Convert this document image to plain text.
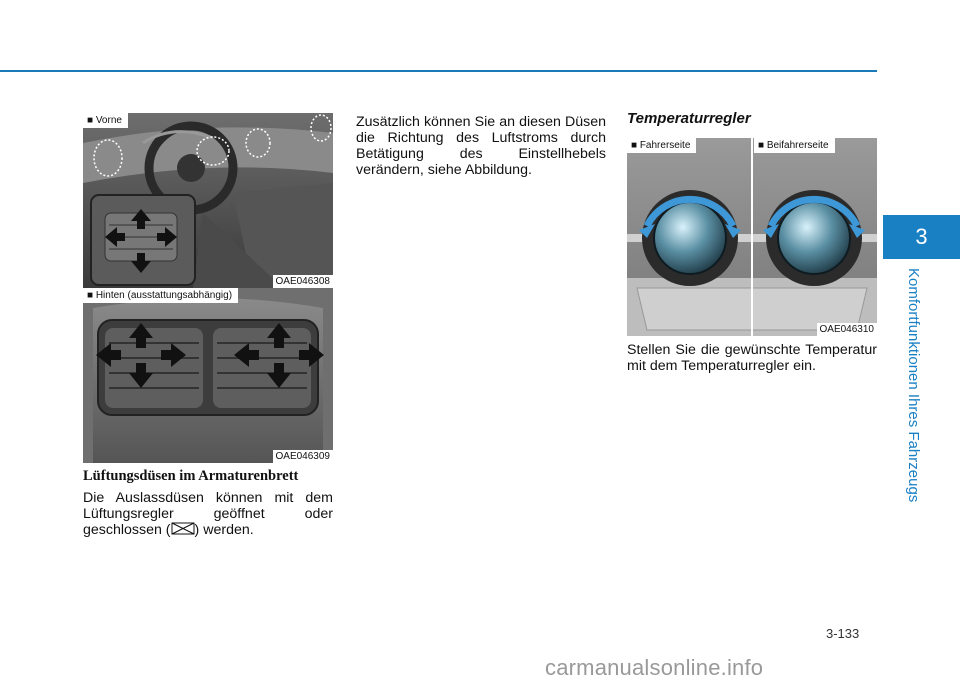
3
Komfortfunktionen Ihres Fahrzeugs
■ Vorne
OAE046308
■ Hinten (ausstattungsabhängig)
OAE046309
■ Fahrerseite	■ Beifahrerseite
OAE046310
Lüftungsdüsen im Armaturenbrett
Die Auslassdüsen können mit dem Lüftungsregler geöffnet oder geschlossen ( ) werden.
Zusätzlich können Sie an diesen Düsen die Richtung des Luftstroms durch Betätigung des Einstellhebels verändern, siehe Abbildung.
Temperaturregler
Stellen Sie die gewünschte Temperatur mit dem Temperaturregler ein.
3-133
carmanualsonline.info
